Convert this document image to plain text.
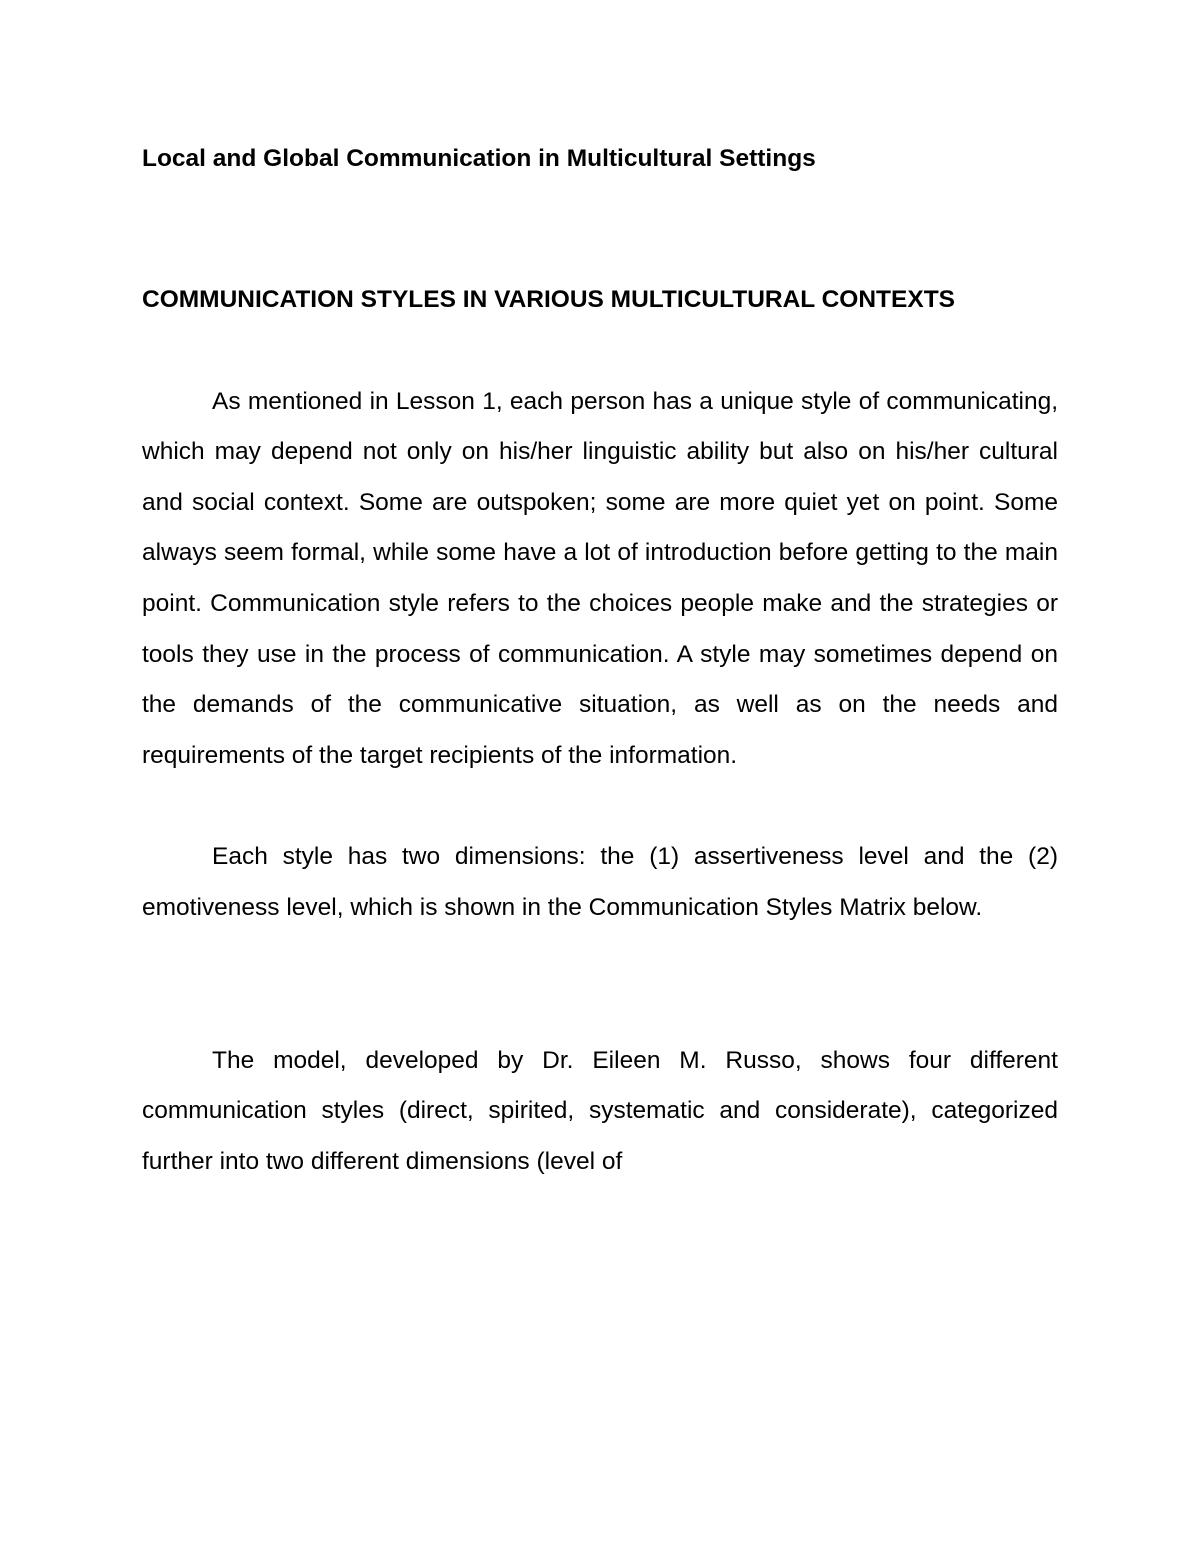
Local and Global Communication in Multicultural Settings
COMMUNICATION STYLES IN VARIOUS MULTICULTURAL CONTEXTS

As mentioned in Lesson 1, each person has a unique style of communicating, which may depend not only on his/her linguistic ability but also on his/her cultural and social context. Some are outspoken; some are more quiet yet on point. Some always seem formal, while some have a lot of introduction before getting to the main point. Communication style refers to the choices people make and the strategies or tools they use in the process of communication. A style may sometimes depend on the demands of the communicative situation, as well as on the needs and requirements of the target recipients of the information.

Each style has two dimensions: the (1) assertiveness level and the (2) emotiveness level, which is shown in the Communication Styles Matrix below.

The model, developed by Dr. Eileen M. Russo, shows four different communication styles (direct, spirited, systematic and considerate), categorized further into two different dimensions (level of
